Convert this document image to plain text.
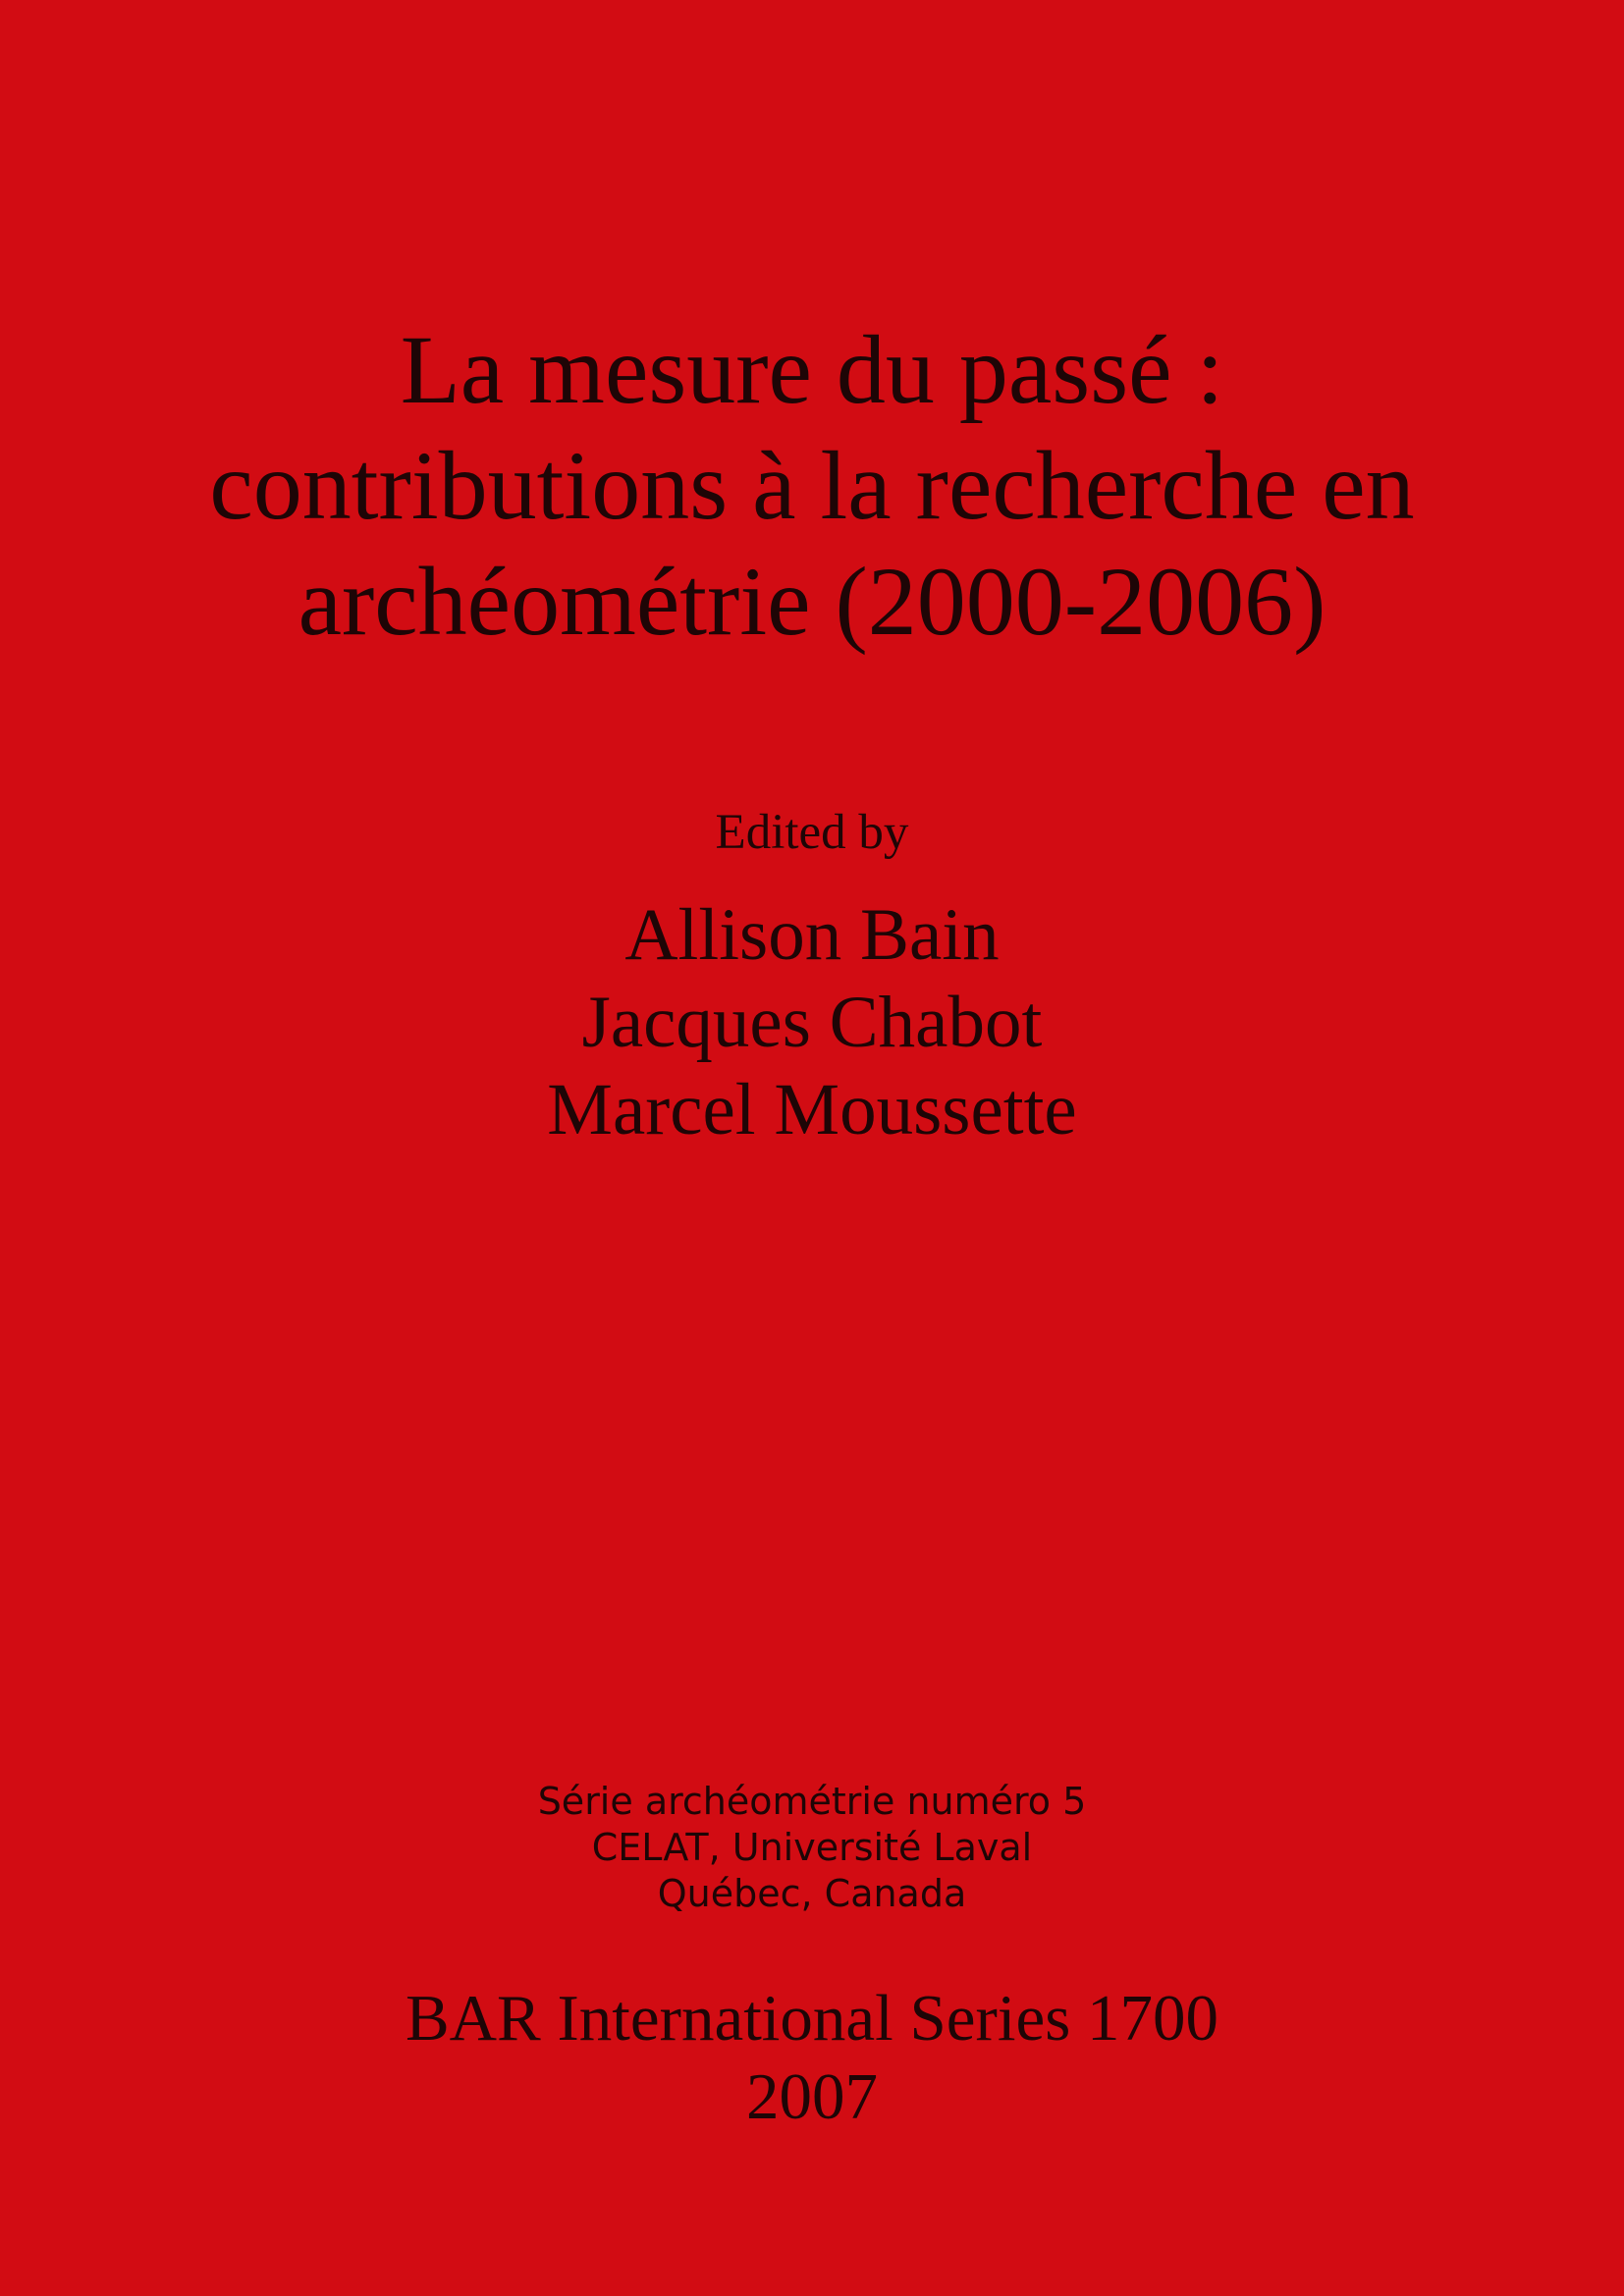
La mesure du passé :
contributions à la recherche en
archéométrie (2000-2006)
Edited by
Allison Bain
Jacques Chabot
Marcel Moussette
Série archéométrie numéro 5
CELAT, Université Laval
Québec, Canada
BAR International Series 1700
2007
